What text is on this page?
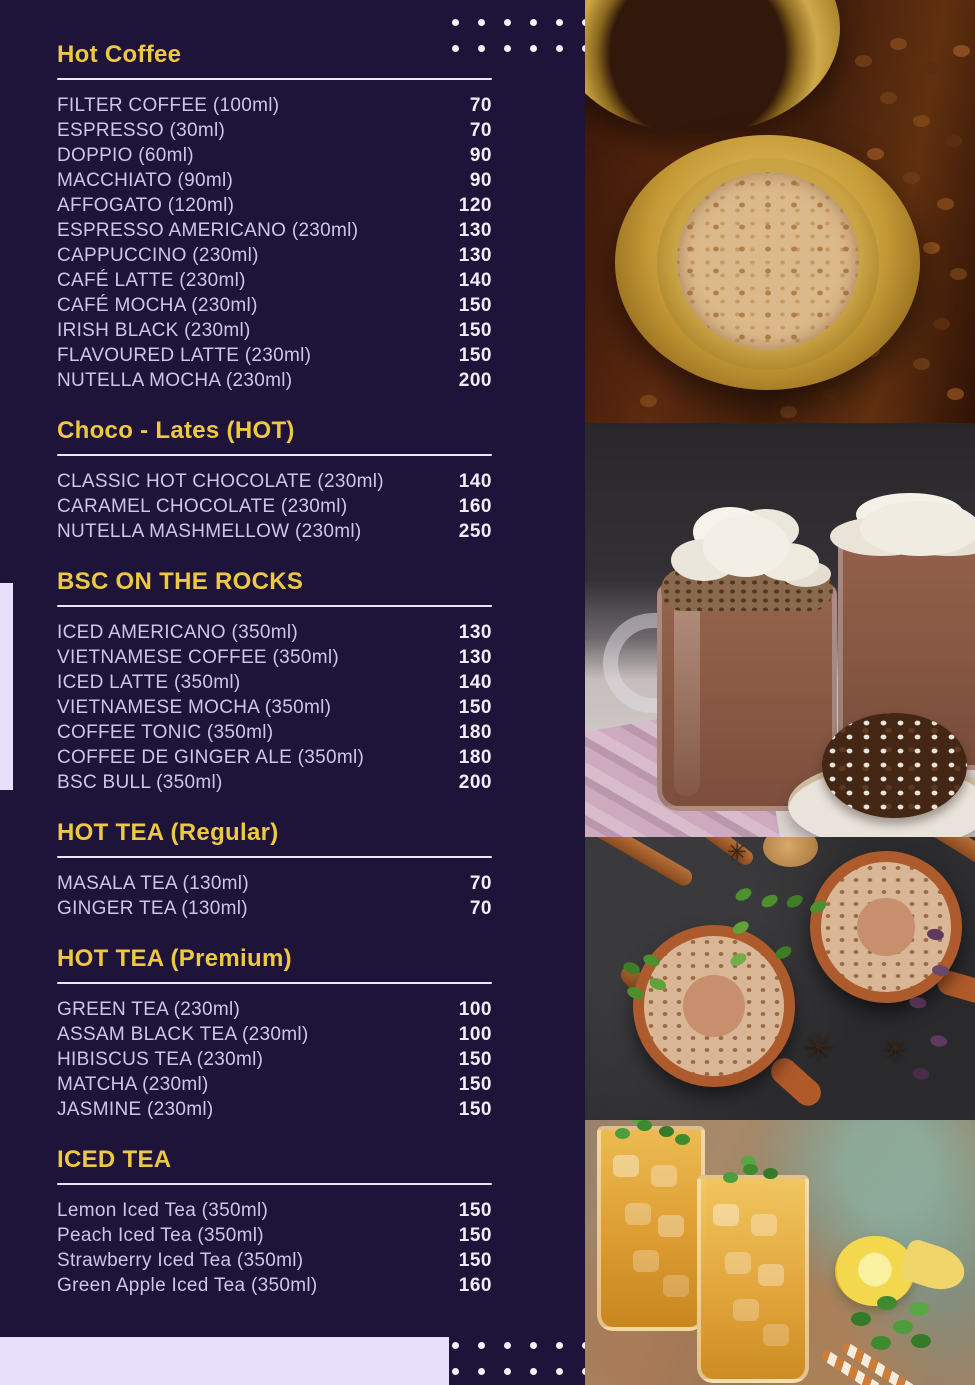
Hot Coffee
FILTER COFFEE (100ml)	70
ESPRESSO (30ml)	70
DOPPIO (60ml)	90
MACCHIATO (90ml)	90
AFFOGATO (120ml)	120
ESPRESSO AMERICANO (230ml)	130
CAPPUCCINO (230ml)	130
CAFÉ LATTE (230ml)	140
CAFÉ MOCHA (230ml)	150
IRISH BLACK (230ml)	150
FLAVOURED LATTE (230ml)	150
NUTELLA MOCHA (230ml)	200
Choco - Lates (HOT)
CLASSIC HOT CHOCOLATE (230ml)	140
CARAMEL CHOCOLATE (230ml)	160
NUTELLA MASHMELLOW (230ml)	250
BSC ON THE ROCKS
ICED AMERICANO (350ml)	130
VIETNAMESE COFFEE (350ml)	130
ICED LATTE (350ml)	140
VIETNAMESE MOCHA (350ml)	150
COFFEE TONIC (350ml)	180
COFFEE DE GINGER ALE (350ml)	180
BSC BULL (350ml)	200
HOT TEA (Regular)
MASALA TEA (130ml)	70
GINGER TEA (130ml)	70
HOT TEA (Premium)
GREEN TEA (230ml)	100
ASSAM BLACK TEA (230ml)	100
HIBISCUS TEA (230ml)	150
MATCHA (230ml)	150
JASMINE (230ml)	150
ICED TEA
Lemon Iced Tea (350ml)	150
Peach Iced Tea (350ml)	150
Strawberry Iced Tea (350ml)	150
Green Apple Iced Tea (350ml)	160
✳ ✳
✳
